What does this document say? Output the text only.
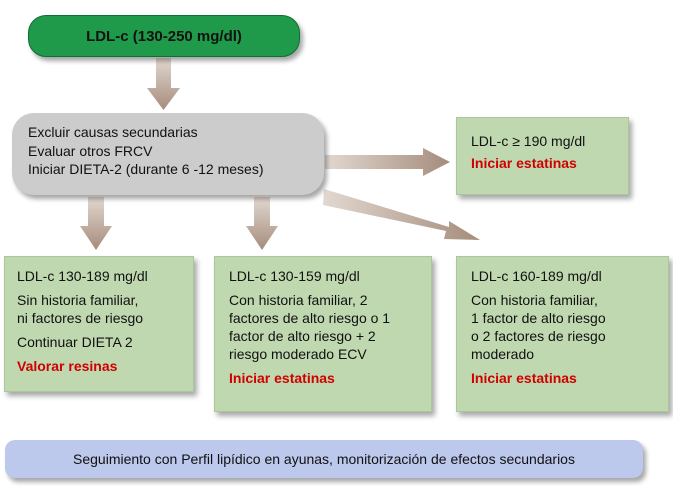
LDL-c (130-250 mg/dl)
Excluir causas secundarias
Evaluar otros FRCV
Iniciar DIETA-2 (durante 6 -12 meses)
LDL-c ≥ 190 mg/dl
Iniciar estatinas
LDL-c 130-189 mg/dl
Sin historia familiar,
ni factores de riesgo
Continuar DIETA 2
Valorar resinas
LDL-c 130-159 mg/dl
Con historia familiar, 2
factores de alto riesgo o 1
factor de alto riesgo + 2
riesgo moderado ECV
Iniciar estatinas
LDL-c 160-189 mg/dl
Con historia familiar,
1 factor de alto riesgo
o 2 factores de riesgo
moderado
Iniciar estatinas
Seguimiento con Perfil lipídico en ayunas, monitorización de efectos secundarios
